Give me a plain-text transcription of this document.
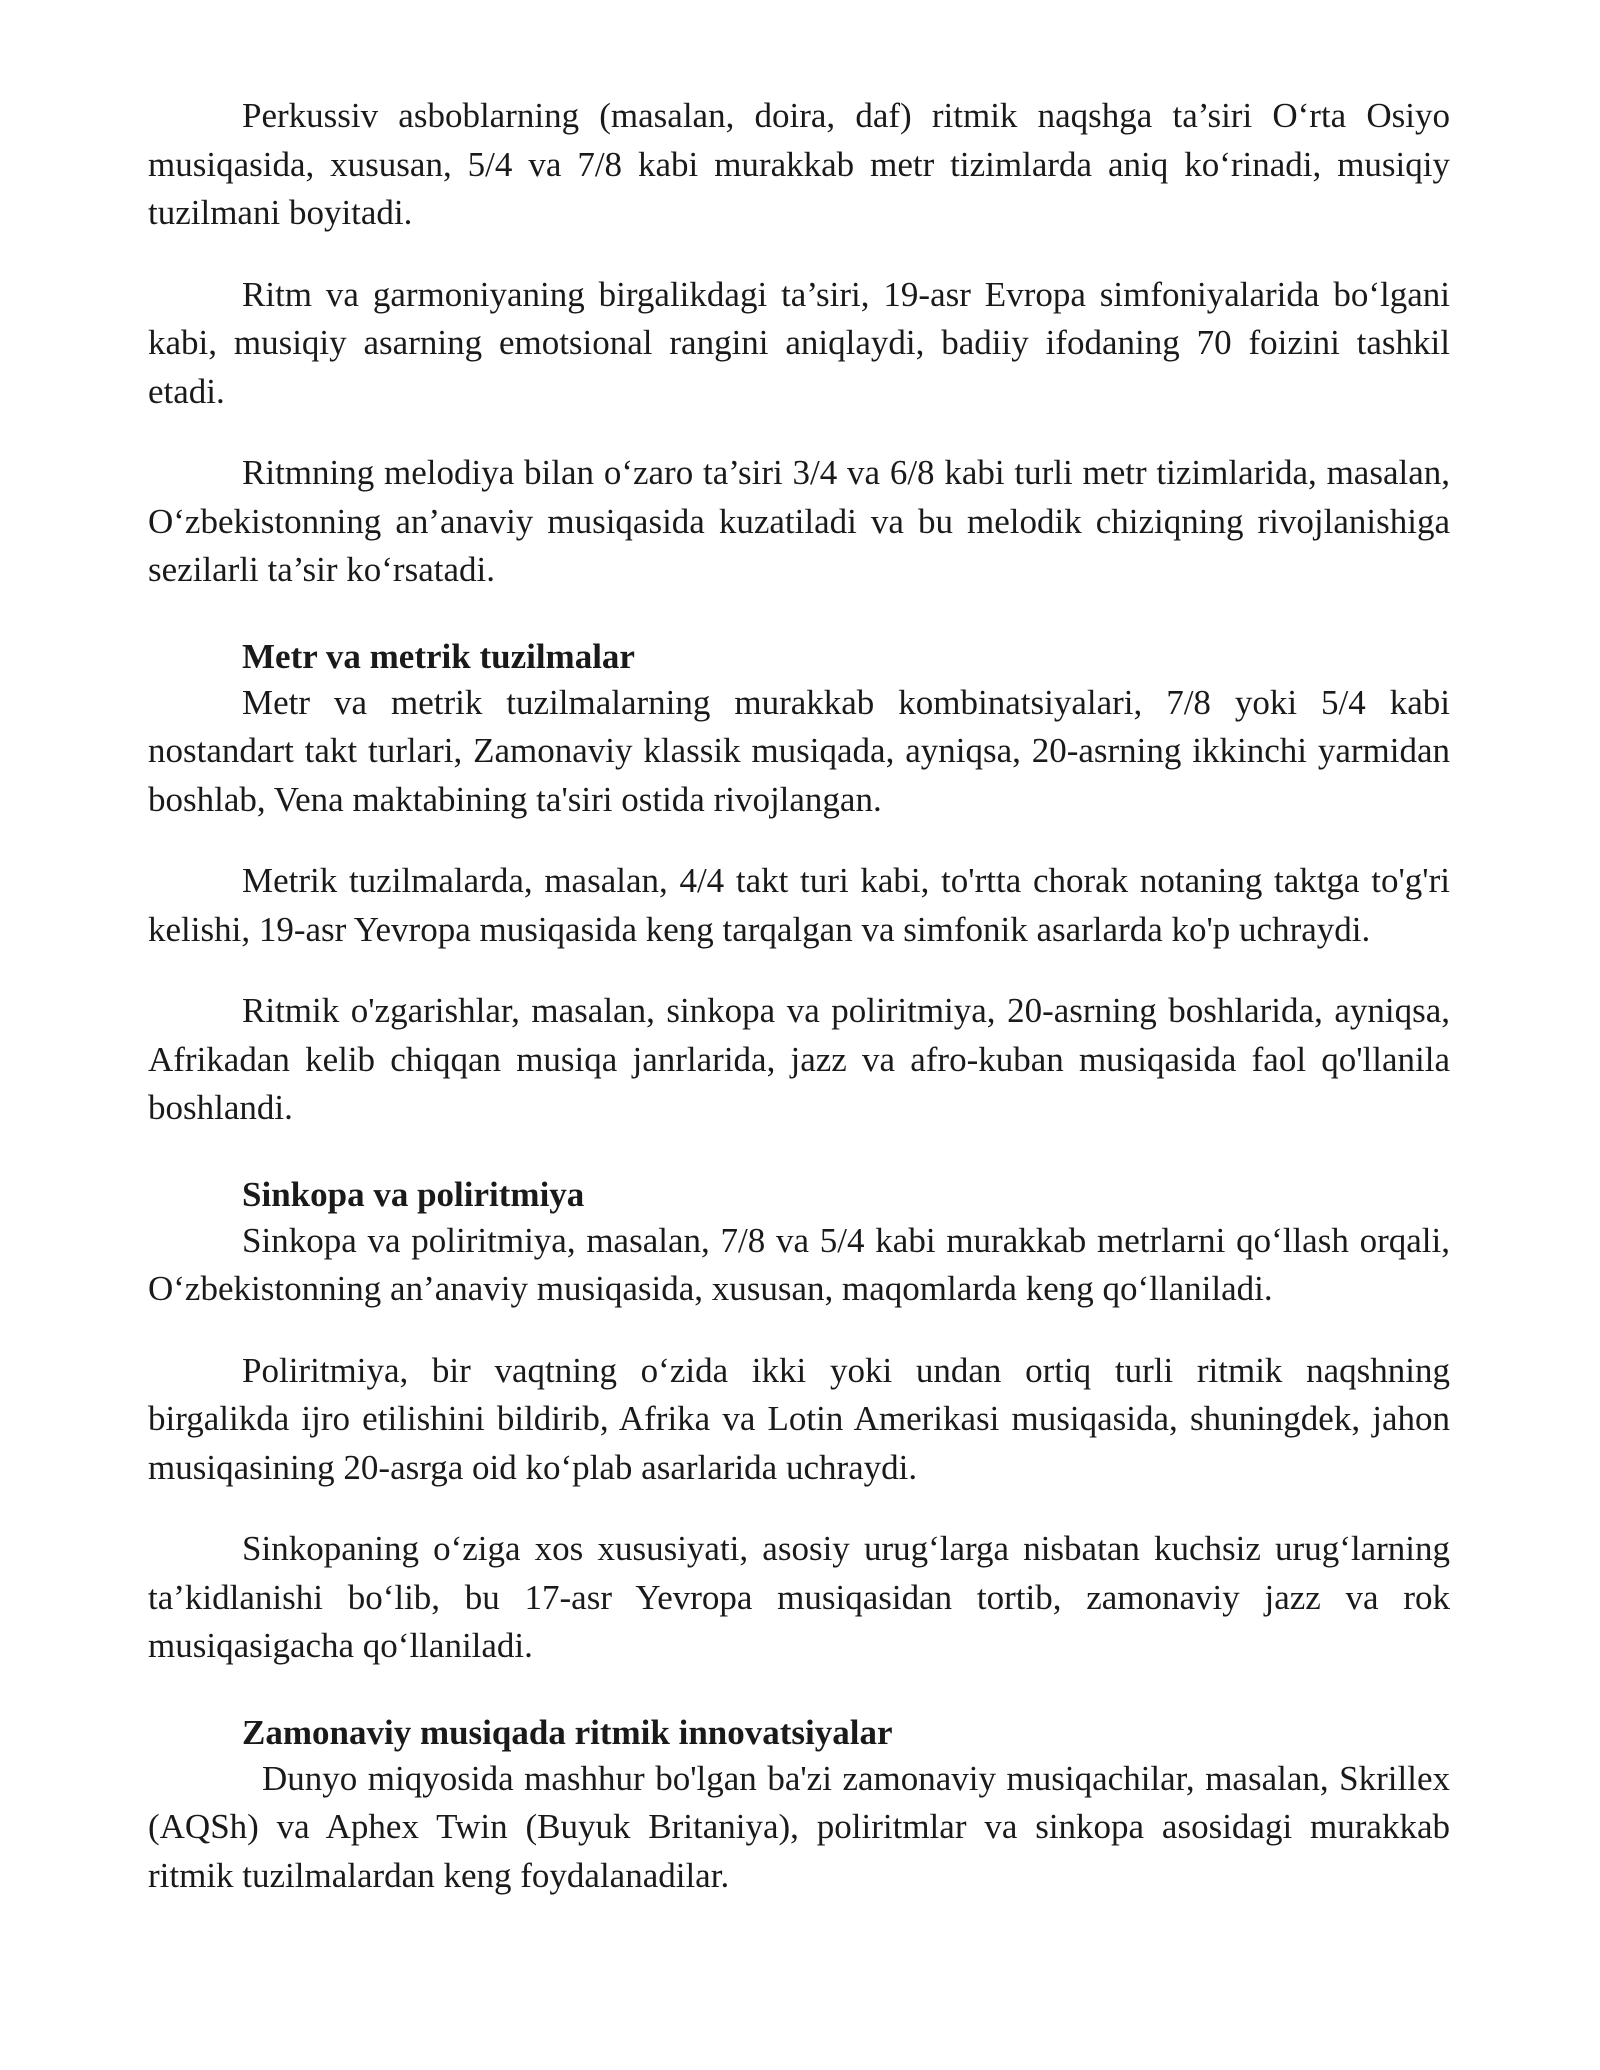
Perkussiv asboblarning (masalan, doira, daf) ritmik naqshga ta’siri O‘rta Osiyo musiqasida, xususan, 5/4 va 7/8 kabi murakkab metr tizimlarda aniq ko‘rinadi, musiqiy tuzilmani boyitadi.

Ritm va garmoniyaning birgalikdagi ta’siri, 19-asr Evropa simfoniyalarida bo‘lgani kabi, musiqiy asarning emotsional rangini aniqlaydi, badiiy ifodaning 70 foizini tashkil etadi.

Ritmning melodiya bilan o‘zaro ta’siri 3/4 va 6/8 kabi turli metr tizimlarida, masalan, O‘zbekistonning an’anaviy musiqasida kuzatiladi va bu melodik chiziqning rivojlanishiga sezilarli ta’sir ko‘rsatadi.

Metr va metrik tuzilmalar

Metr va metrik tuzilmalarning murakkab kombinatsiyalari, 7/8 yoki 5/4 kabi nostandart takt turlari, Zamonaviy klassik musiqada, ayniqsa, 20-asrning ikkinchi yarmidan boshlab, Vena maktabining ta'siri ostida rivojlangan.

Metrik tuzilmalarda, masalan, 4/4 takt turi kabi, to'rtta chorak notaning taktga to'g'ri kelishi, 19-asr Yevropa musiqasida keng tarqalgan va simfonik asarlarda ko'p uchraydi.

Ritmik o'zgarishlar, masalan, sinkopa va poliritmiya, 20-asrning boshlarida, ayniqsa, Afrikadan kelib chiqqan musiqa janrlarida, jazz va afro-kuban musiqasida faol qo'llanila boshlandi.

Sinkopa va poliritmiya

Sinkopa va poliritmiya, masalan, 7/8 va 5/4 kabi murakkab metrlarni qo‘llash orqali, O‘zbekistonning an’anaviy musiqasida, xususan, maqomlarda keng qo‘llaniladi.

Poliritmiya, bir vaqtning o‘zida ikki yoki undan ortiq turli ritmik naqshning birgalikda ijro etilishini bildirib, Afrika va Lotin Amerikasi musiqasida, shuningdek, jahon musiqasining 20-asrga oid ko‘plab asarlarida uchraydi.

Sinkopaning o‘ziga xos xususiyati, asosiy urug‘larga nisbatan kuchsiz urug‘larning ta’kidlanishi bo‘lib, bu 17-asr Yevropa musiqasidan tortib, zamonaviy jazz va rok musiqasigacha qo‘llaniladi.

Zamonaviy musiqada ritmik innovatsiyalar

Dunyo miqyosida mashhur bo'lgan ba'zi zamonaviy musiqachilar, masalan, Skrillex (AQSh) va Aphex Twin (Buyuk Britaniya), poliritmlar va sinkopa asosidagi murakkab ritmik tuzilmalardan keng foydalanadilar.
